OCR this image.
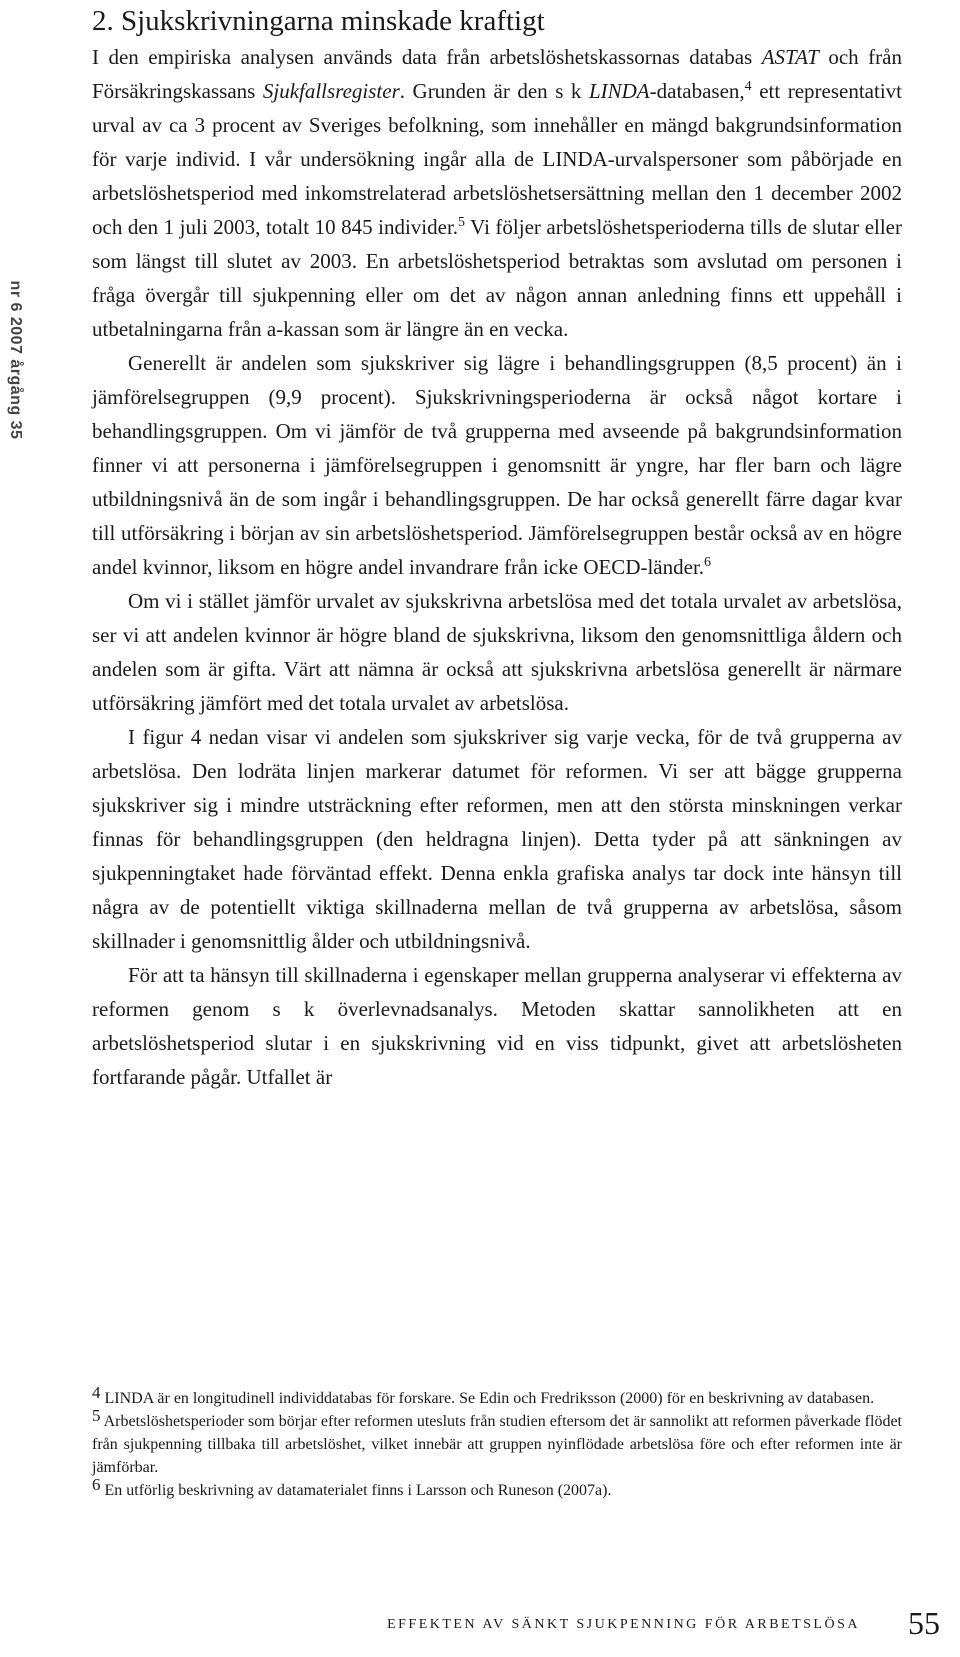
nr 6 2007 årgång 35
2. Sjukskrivningarna minskade kraftigt

I den empiriska analysen används data från arbetslöshetskassornas databas ASTAT och från Försäkringskassans Sjukfallsregister. Grunden är den s k LINDA-databasen,$^4$ ett representativt urval av ca 3 procent av Sveriges befolkning, som innehåller en mängd bakgrundsinformation för varje individ. I vår undersökning ingår alla de LINDA-urvalspersoner som påbörjade en arbetslöshetsperiod med inkomstrelaterad arbetslöshetsersättning mellan den 1 december 2002 och den 1 juli 2003, totalt 10 845 individer.$^5$ Vi följer arbetslöshetsperioderna tills de slutar eller som längst till slutet av 2003. En arbetslöshetsperiod betraktas som avslutad om personen i fråga övergår till sjukpenning eller om det av någon annan anledning finns ett uppehåll i utbetalningarna från a-kassan som är längre än en vecka.

Generellt är andelen som sjukskriver sig lägre i behandlingsgruppen (8,5 procent) än i jämförelsegruppen (9,9 procent). Sjukskrivningsperioderna är också något kortare i behandlingsgruppen. Om vi jämför de två grupperna med avseende på bakgrundsinformation finner vi att personerna i jämförelsegruppen i genomsnitt är yngre, har fler barn och lägre utbildningsnivå än de som ingår i behandlingsgruppen. De har också generellt färre dagar kvar till utförsäkring i början av sin arbetslöshetsperiod. Jämförelsegruppen består också av en högre andel kvinnor, liksom en högre andel invandrare från icke OECD-länder.$^6$

Om vi i stället jämför urvalet av sjukskrivna arbetslösa med det totala urvalet av arbetslösa, ser vi att andelen kvinnor är högre bland de sjukskrivna, liksom den genomsnittliga åldern och andelen som är gifta. Värt att nämna är också att sjukskrivna arbetslösa generellt är närmare utförsäkring jämfört med det totala urvalet av arbetslösa.

I figur 4 nedan visar vi andelen som sjukskriver sig varje vecka, för de två grupperna av arbetslösa. Den lodräta linjen markerar datumet för reformen. Vi ser att bägge grupperna sjukskriver sig i mindre utsträckning efter reformen, men att den största minskningen verkar finnas för behandlingsgruppen (den heldragna linjen). Detta tyder på att sänkningen av sjukpenningtaket hade förväntad effekt. Denna enkla grafiska analys tar dock inte hänsyn till några av de potentiellt viktiga skillnaderna mellan de två grupperna av arbetslösa, såsom skillnader i genomsnittlig ålder och utbildningsnivå.

För att ta hänsyn till skillnaderna i egenskaper mellan grupperna analyserar vi effekterna av reformen genom s k överlevnadsanalys. Metoden skattar sannolikheten att en arbetslöshetsperiod slutar i en sjukskrivning vid en viss tidpunkt, givet att arbetslösheten fortfarande pågår. Utfallet är

4 LINDA är en longitudinell individdatabas för forskare. Se Edin och Fredriksson (2000) för en beskrivning av databasen.

5 Arbetslöshetsperioder som börjar efter reformen utesluts från studien eftersom det är sannolikt att reformen påverkade flödet från sjukpenning tillbaka till arbetslöshet, vilket innebär att gruppen nyinflödade arbetslösa före och efter reformen inte är jämförbar.

6 En utförlig beskrivning av datamaterialet finns i Larsson och Runeson (2007a).

EFFEKTEN AV SÄNKT SJUKPENNING FÖR ARBETSLÖSA 55
